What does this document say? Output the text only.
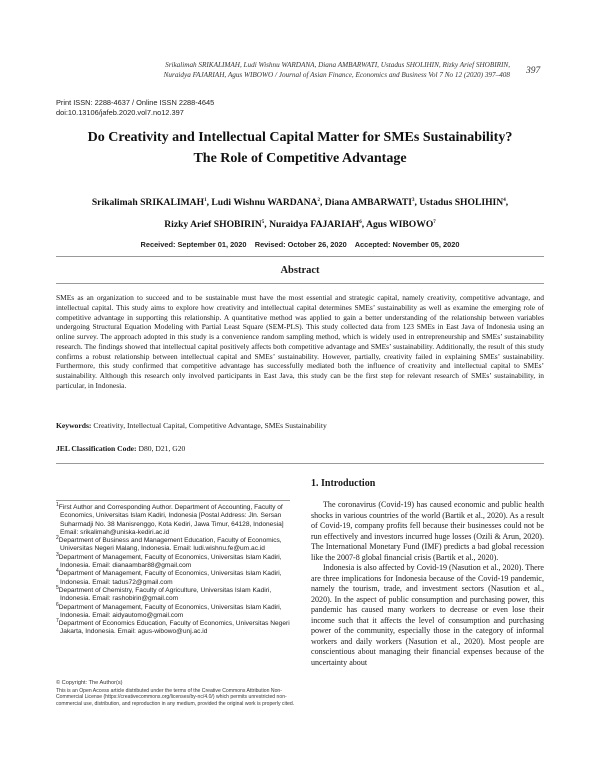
Srikalimah SRIKALIMAH, Ludi Wishnu WARDANA, Diana AMBARWATI, Ustadus SHOLIHIN, Rizky Arief SHOBIRIN,
Nuraidya FAJARIAH, Agus WIBOWO / Journal of Asian Finance, Economics and Business Vol 7 No 12 (2020) 397–408 397
Print ISSN: 2288-4637 / Online ISSN 2288-4645
doi:10.13106/jafeb.2020.vol7.no12.397
Do Creativity and Intellectual Capital Matter for SMEs Sustainability?
The Role of Competitive Advantage
Srikalimah SRIKALIMAH$^1$, Ludi Wishnu WARDANA$^2$, Diana AMBARWATI$^3$, Ustadus SHOLIHIN$^4$,
Rizky Arief SHOBIRIN$^5$, Nuraidya FAJARIAH$^6$, Agus WIBOWO$^7$
Received: September 01, 2020 Revised: October 26, 2020 Accepted: November 05, 2020
Abstract
SMEs as an organization to succeed and to be sustainable must have the most essential and strategic capital, namely creativity, competitive advantage, and intellectual capital. This study aims to explore how creativity and intellectual capital determines SMEs’ sustainability as well as examine the emerging role of competitive advantage in supporting this relationship. A quantitative method was applied to gain a better understanding of the relationship between variables undergoing Structural Equation Modeling with Partial Least Square (SEM-PLS). This study collected data from 123 SMEs in East Java of Indonesia using an online survey. The approach adopted in this study is a convenience random sampling method, which is widely used in entrepreneurship and SMEs’ sustainability research. The findings showed that intellectual capital positively affects both competitive advantage and SMEs’ sustainability. Additionally, the result of this study confirms a robust relationship between intellectual capital and SMEs’ sustainability. However, partially, creativity failed in explaining SMEs’ sustainability. Furthermore, this study confirmed that competitive advantage has successfully mediated both the influence of creativity and intellectual capital to SMEs’ sustainability. Although this research only involved participants in East Java, this study can be the first step for relevant research of SMEs’ sustainability, in particular, in Indonesia.
Keywords: Creativity, Intellectual Capital, Competitive Advantage, SMEs Sustainability
JEL Classification Code: D80, D21, G20
$^1$First Author and Corresponding Author. Department of Accounting, Faculty of Economics, Universitas Islam Kadiri, Indonesia [Postal Address: Jln. Sersan Suharmadji No. 38 Manisrenggo, Kota Kediri, Jawa Timur, 64128, Indonesia] Email: srikalimah@uniska-kediri.ac.id
$^2$Department of Business and Management Education, Faculty of Economics, Universitas Negeri Malang, Indonesia. Email: ludi.wishnu.fe@um.ac.id
$^3$Department of Management, Faculty of Economics, Universitas Islam Kadiri, Indonesia. Email: dianaambar88@gmail.com
$^4$Department of Management, Faculty of Economics, Universitas Islam Kadiri, Indonesia. Email: tadus72@gmail.com
$^5$Department of Chemistry, Faculty of Agriculture, Universitas Islam Kadiri, Indonesia. Email: rashobirin@gmail.com
$^6$Department of Management, Faculty of Economics, Universitas Islam Kadiri, Indonesia. Email: aidyautomo@gmail.com
$^7$Department of Economics Education, Faculty of Economics, Universitas Negeri Jakarta, Indonesia. Email: agus-wibowo@unj.ac.id
© Copyright: The Author(s)
This is an Open Access article distributed under the terms of the Creative Commons Attribution Non-Commercial License (https://creativecommons.org/licenses/by-nc/4.0/) which permits unrestricted non-commercial use, distribution, and reproduction in any medium, provided the original work is properly cited.
1. Introduction

The coronavirus (Covid-19) has caused economic and public health shocks in various countries of the world (Bartik et al., 2020). As a result of Covid-19, company profits fell because their businesses could not be run effectively and investors incurred huge losses (Ozili & Arun, 2020). The International Monetary Fund (IMF) predicts a bad global recession like the 2007-8 global financial crisis (Bartik et al., 2020).

Indonesia is also affected by Covid-19 (Nasution et al., 2020). There are three implications for Indonesia because of the Covid-19 pandemic, namely the tourism, trade, and investment sectors (Nasution et al., 2020). In the aspect of public consumption and purchasing power, this pandemic has caused many workers to decrease or even lose their income such that it affects the level of consumption and purchasing power of the community, especially those in the category of informal workers and daily workers (Nasution et al., 2020). Most people are conscientious about managing their financial expenses because of the uncertainty about
